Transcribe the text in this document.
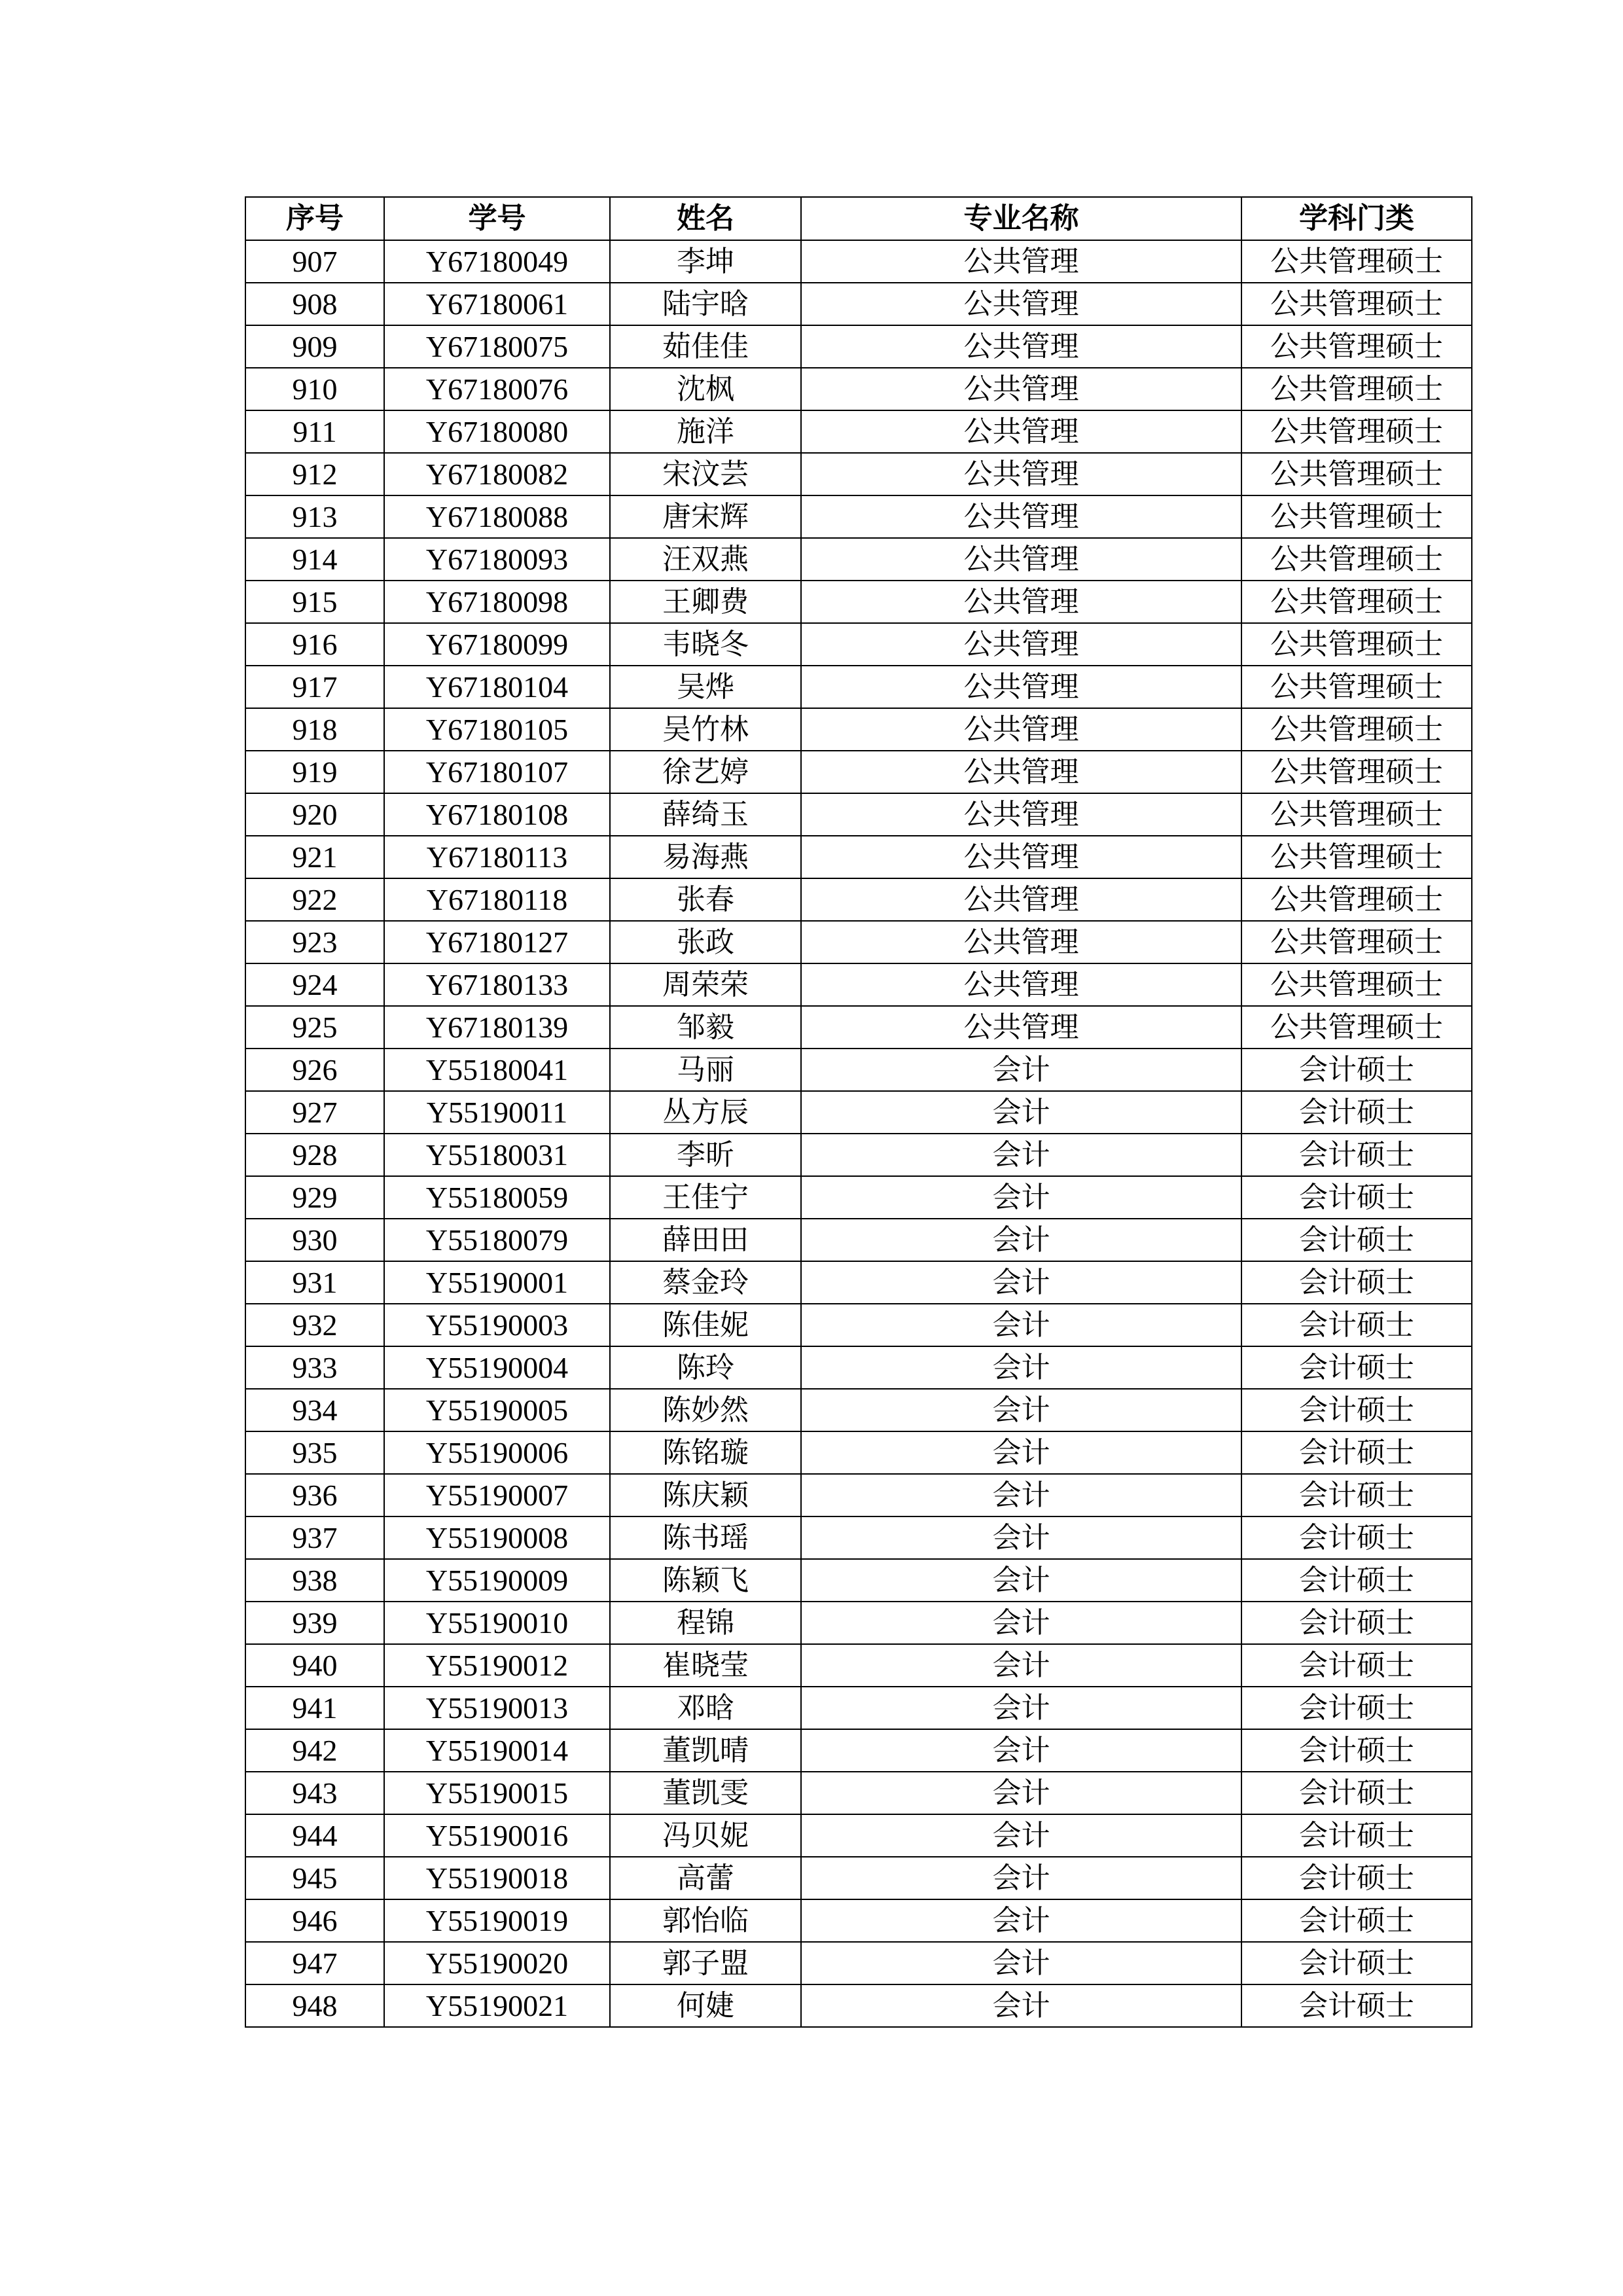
序号	学号	姓名	专业名称	学科门类
907	Y67180049	李坤	公共管理	公共管理硕士
908	Y67180061	陆宇晗	公共管理	公共管理硕士
909	Y67180075	茹佳佳	公共管理	公共管理硕士
910	Y67180076	沈枫	公共管理	公共管理硕士
911	Y67180080	施洋	公共管理	公共管理硕士
912	Y67180082	宋汶芸	公共管理	公共管理硕士
913	Y67180088	唐宋辉	公共管理	公共管理硕士
914	Y67180093	汪双燕	公共管理	公共管理硕士
915	Y67180098	王卿费	公共管理	公共管理硕士
916	Y67180099	韦晓冬	公共管理	公共管理硕士
917	Y67180104	吴烨	公共管理	公共管理硕士
918	Y67180105	吴竹林	公共管理	公共管理硕士
919	Y67180107	徐艺婷	公共管理	公共管理硕士
920	Y67180108	薛绮玉	公共管理	公共管理硕士
921	Y67180113	易海燕	公共管理	公共管理硕士
922	Y67180118	张春	公共管理	公共管理硕士
923	Y67180127	张政	公共管理	公共管理硕士
924	Y67180133	周荣荣	公共管理	公共管理硕士
925	Y67180139	邹毅	公共管理	公共管理硕士
926	Y55180041	马丽	会计	会计硕士
927	Y55190011	丛方辰	会计	会计硕士
928	Y55180031	李昕	会计	会计硕士
929	Y55180059	王佳宁	会计	会计硕士
930	Y55180079	薛田田	会计	会计硕士
931	Y55190001	蔡金玲	会计	会计硕士
932	Y55190003	陈佳妮	会计	会计硕士
933	Y55190004	陈玲	会计	会计硕士
934	Y55190005	陈妙然	会计	会计硕士
935	Y55190006	陈铭璇	会计	会计硕士
936	Y55190007	陈庆颖	会计	会计硕士
937	Y55190008	陈书瑶	会计	会计硕士
938	Y55190009	陈颖飞	会计	会计硕士
939	Y55190010	程锦	会计	会计硕士
940	Y55190012	崔晓莹	会计	会计硕士
941	Y55190013	邓晗	会计	会计硕士
942	Y55190014	董凯晴	会计	会计硕士
943	Y55190015	董凯雯	会计	会计硕士
944	Y55190016	冯贝妮	会计	会计硕士
945	Y55190018	高蕾	会计	会计硕士
946	Y55190019	郭怡临	会计	会计硕士
947	Y55190020	郭子盟	会计	会计硕士
948	Y55190021	何婕	会计	会计硕士
